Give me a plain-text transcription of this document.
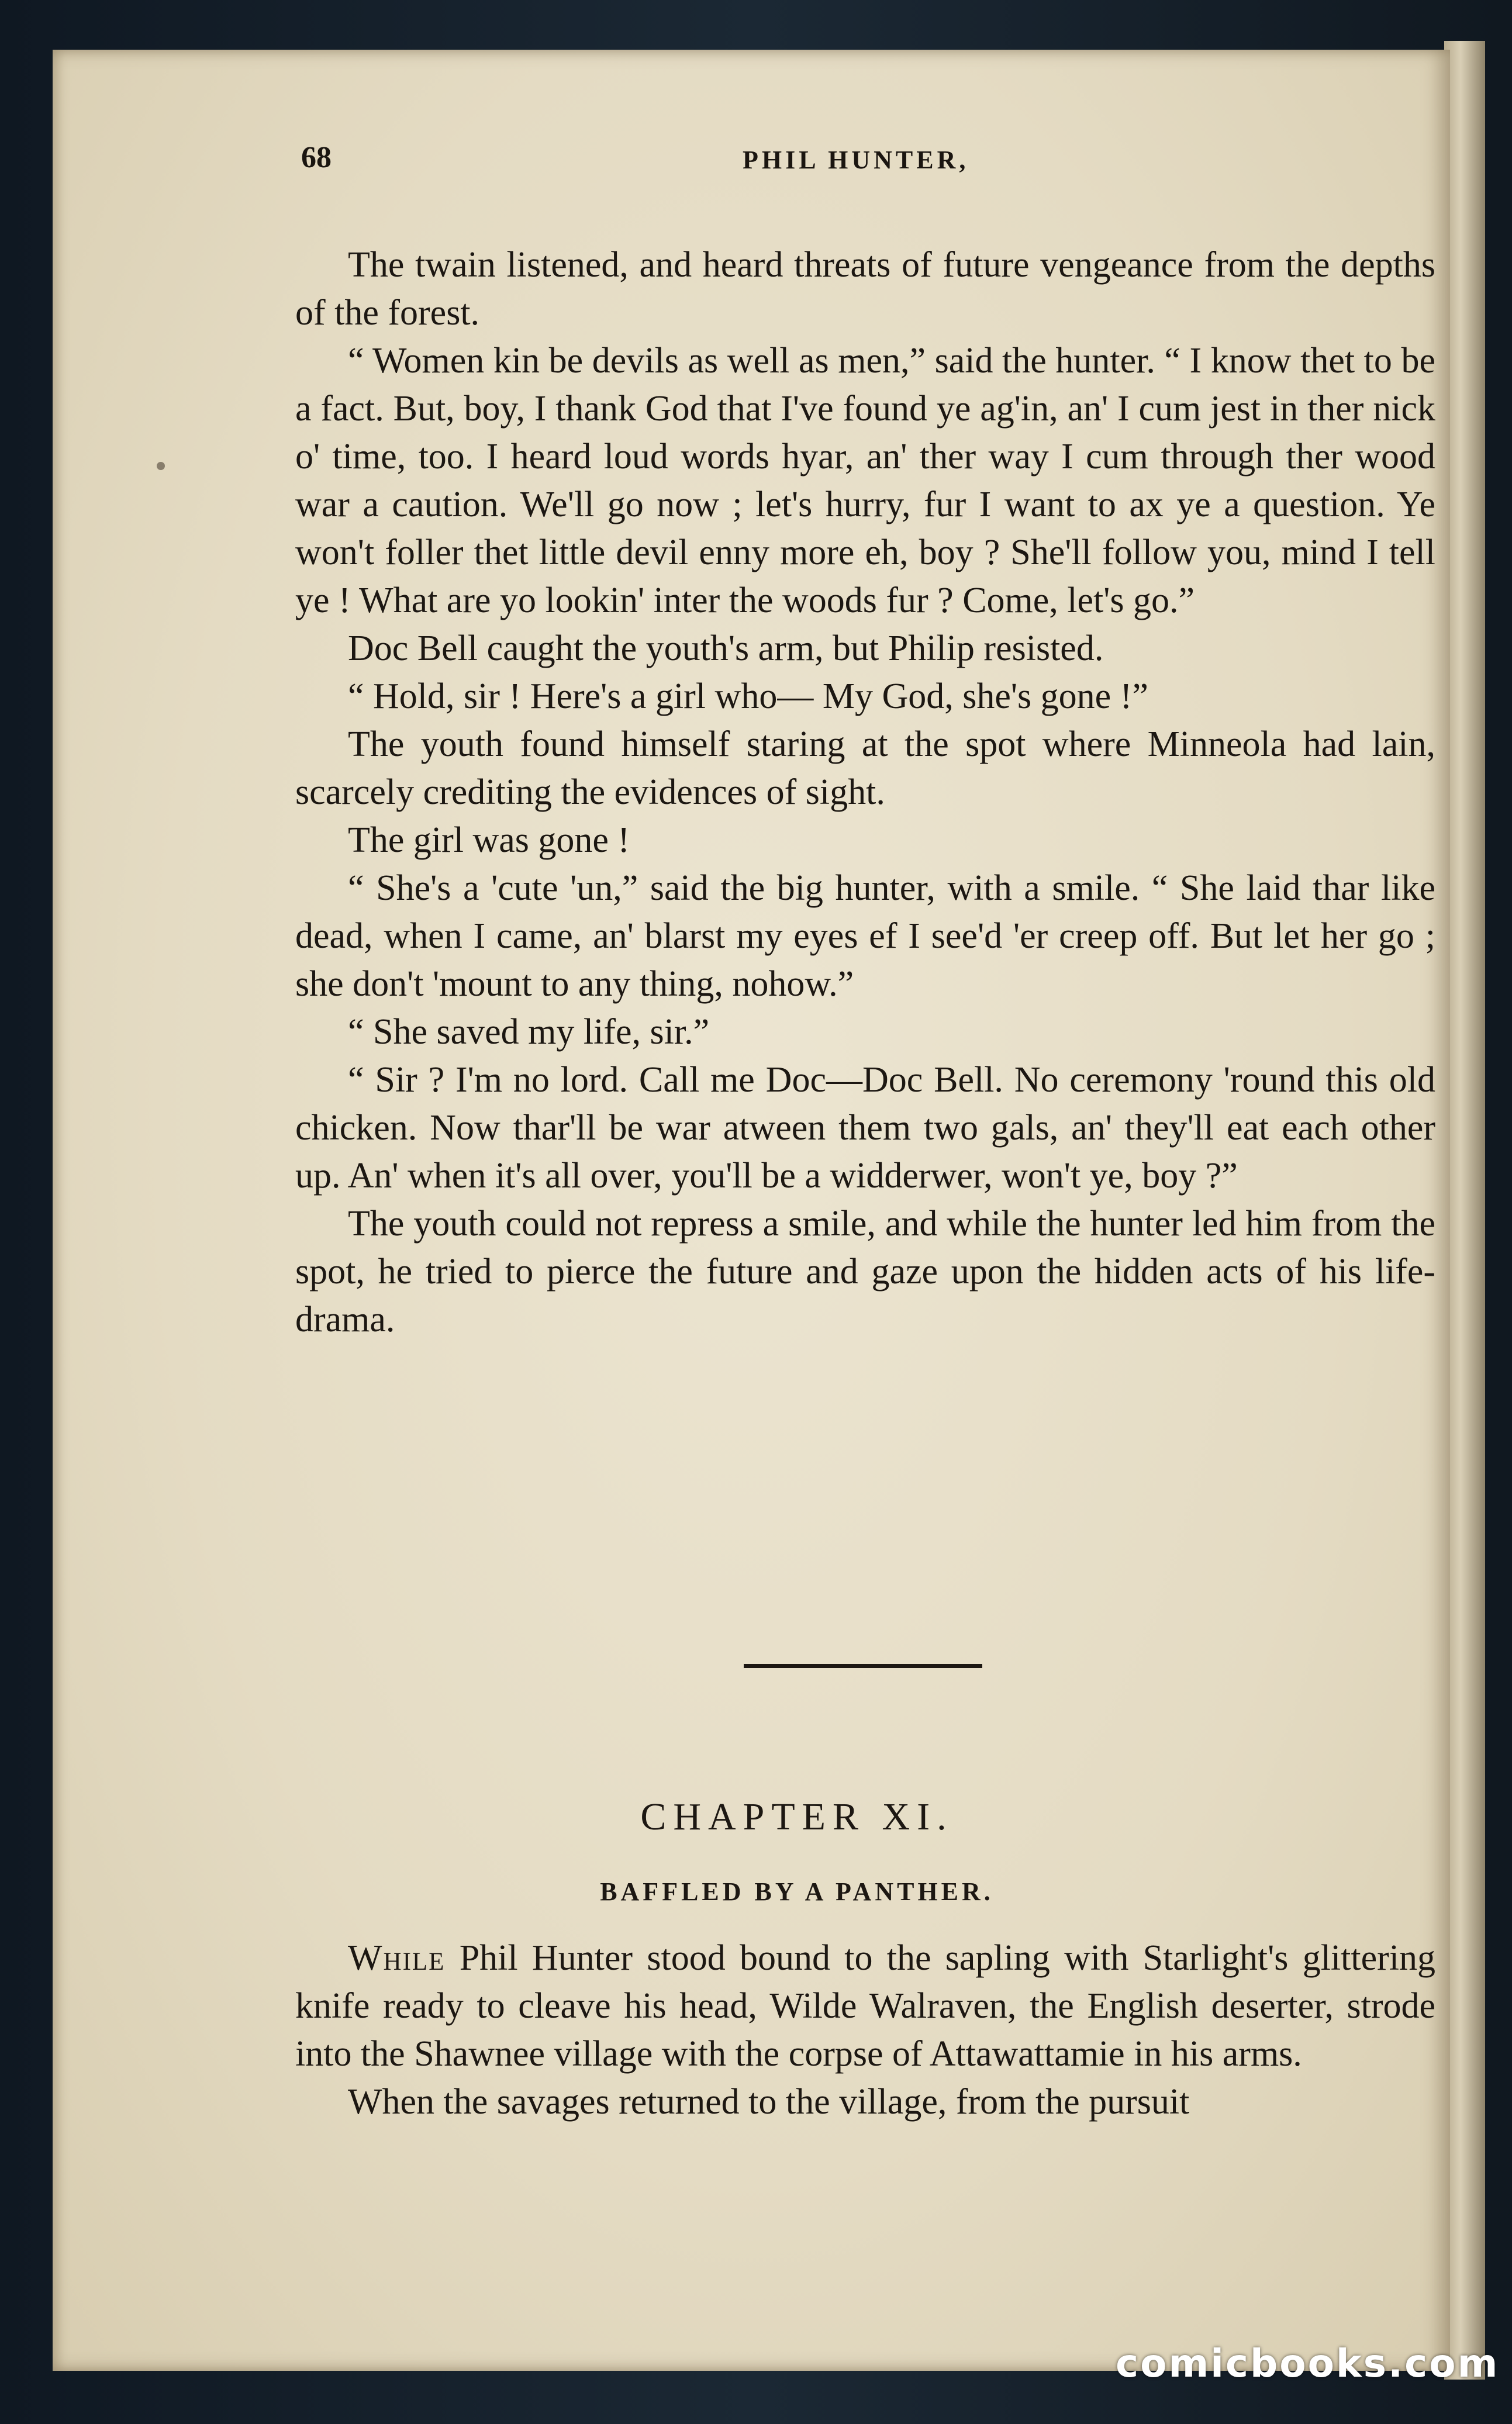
68	PHIL HUNTER,

The twain listened, and heard threats of future vengeance from the depths of the forest.

“ Women kin be devils as well as men,” said the hunter. “ I know thet to be a fact. But, boy, I thank God that I've found ye ag'in, an' I cum jest in ther nick o' time, too. I heard loud words hyar, an' ther way I cum through ther wood war a caution. We'll go now ; let's hurry, fur I want to ax ye a question. Ye won't foller thet little devil enny more eh, boy ? She'll follow you, mind I tell ye ! What are yo lookin' inter the woods fur ? Come, let's go.”

Doc Bell caught the youth's arm, but Philip resisted.

“ Hold, sir ! Here's a girl who— My God, she's gone !”

The youth found himself staring at the spot where Minneola had lain, scarcely crediting the evidences of sight.

The girl was gone !

“ She's a 'cute 'un,” said the big hunter, with a smile. “ She laid thar like dead, when I came, an' blarst my eyes ef I see'd 'er creep off. But let her go ; she don't 'mount to any thing, nohow.”

“ She saved my life, sir.”

“ Sir ? I'm no lord. Call me Doc—Doc Bell. No ceremony 'round this old chicken. Now thar'll be war atween them two gals, an' they'll eat each other up. An' when it's all over, you'll be a widderwer, won't ye, boy ?”

The youth could not repress a smile, and while the hunter led him from the spot, he tried to pierce the future and gaze upon the hidden acts of his life-drama.

CHAPTER XI.
BAFFLED BY A PANTHER.

While Phil Hunter stood bound to the sapling with Starlight's glittering knife ready to cleave his head, Wilde Walraven, the English deserter, strode into the Shawnee village with the corpse of Attawattamie in his arms.

When the savages returned to the village, from the pursuit

comicbooks.com
